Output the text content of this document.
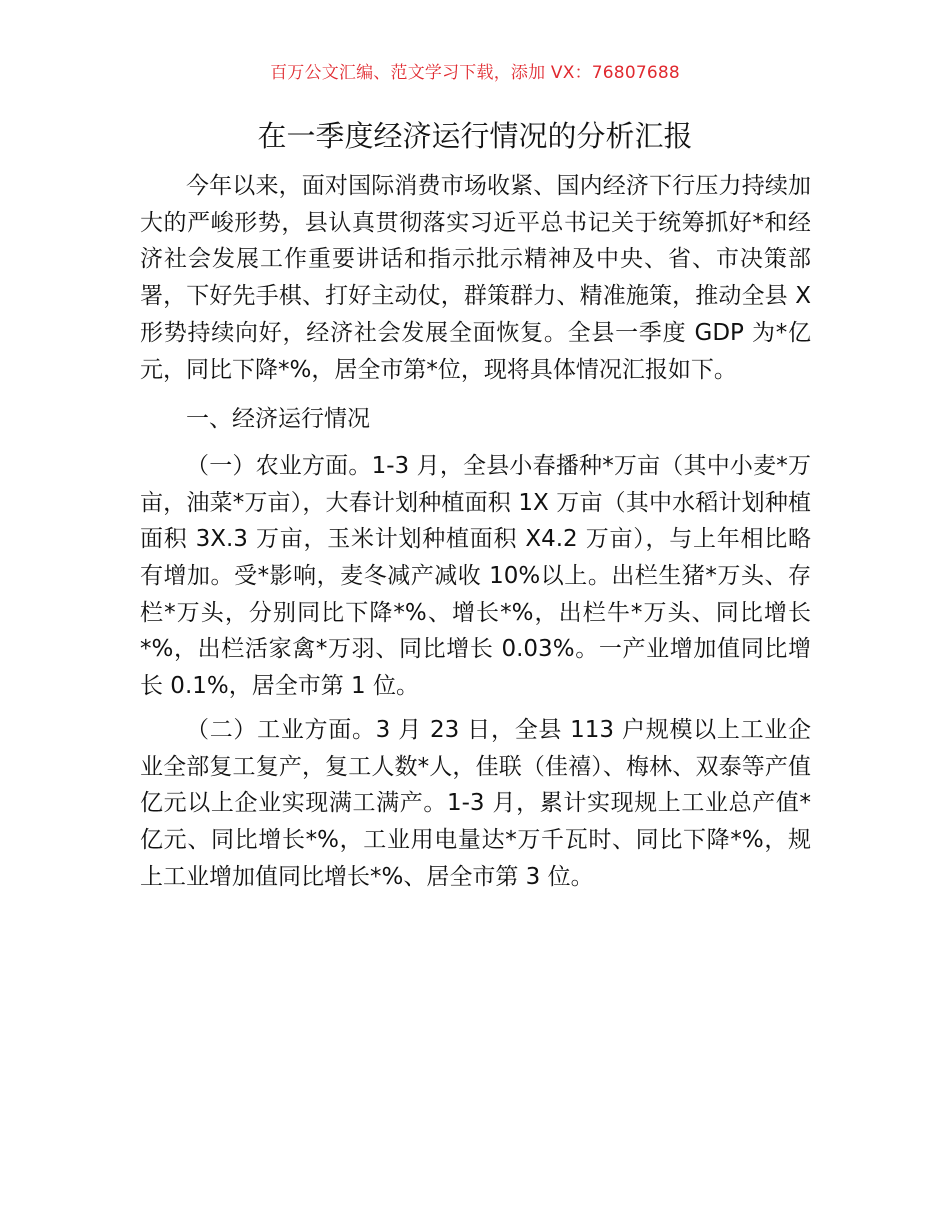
百万公文汇编、范文学习下载，添加 VX：76807688
在一季度经济运行情况的分析汇报

今年以来，面对国际消费市场收紧、国内经济下行压力持续加大的严峻形势，县认真贯彻落实习近平总书记关于统筹抓好*和经济社会发展工作重要讲话和指示批示精神及中央、省、市决策部署，下好先手棋、打好主动仗，群策群力、精准施策，推动全县 X 形势持续向好，经济社会发展全面恢复。全县一季度 GDP 为*亿元，同比下降*%，居全市第*位，现将具体情况汇报如下。

一、经济运行情况

（一）农业方面。1-3 月，全县小春播种*万亩（其中小麦*万亩，油菜*万亩），大春计划种植面积 1X 万亩（其中水稻计划种植面积 3X.3 万亩，玉米计划种植面积 X4.2 万亩），与上年相比略有增加。受*影响，麦冬减产减收 10%以上。出栏生猪*万头、存栏*万头，分别同比下降*%、增长*%，出栏牛*万头、同比增长*%，出栏活家禽*万羽、同比增长 0.03%。一产业增加值同比增长 0.1%，居全市第 1 位。

（二）工业方面。3 月 23 日，全县 113 户规模以上工业企业全部复工复产，复工人数*人，佳联（佳禧）、梅林、双泰等产值亿元以上企业实现满工满产。1-3 月，累计实现规上工业总产值*亿元、同比增长*%，工业用电量达*万千瓦时、同比下降*%，规上工业增加值同比增长*%、居全市第 3 位。
